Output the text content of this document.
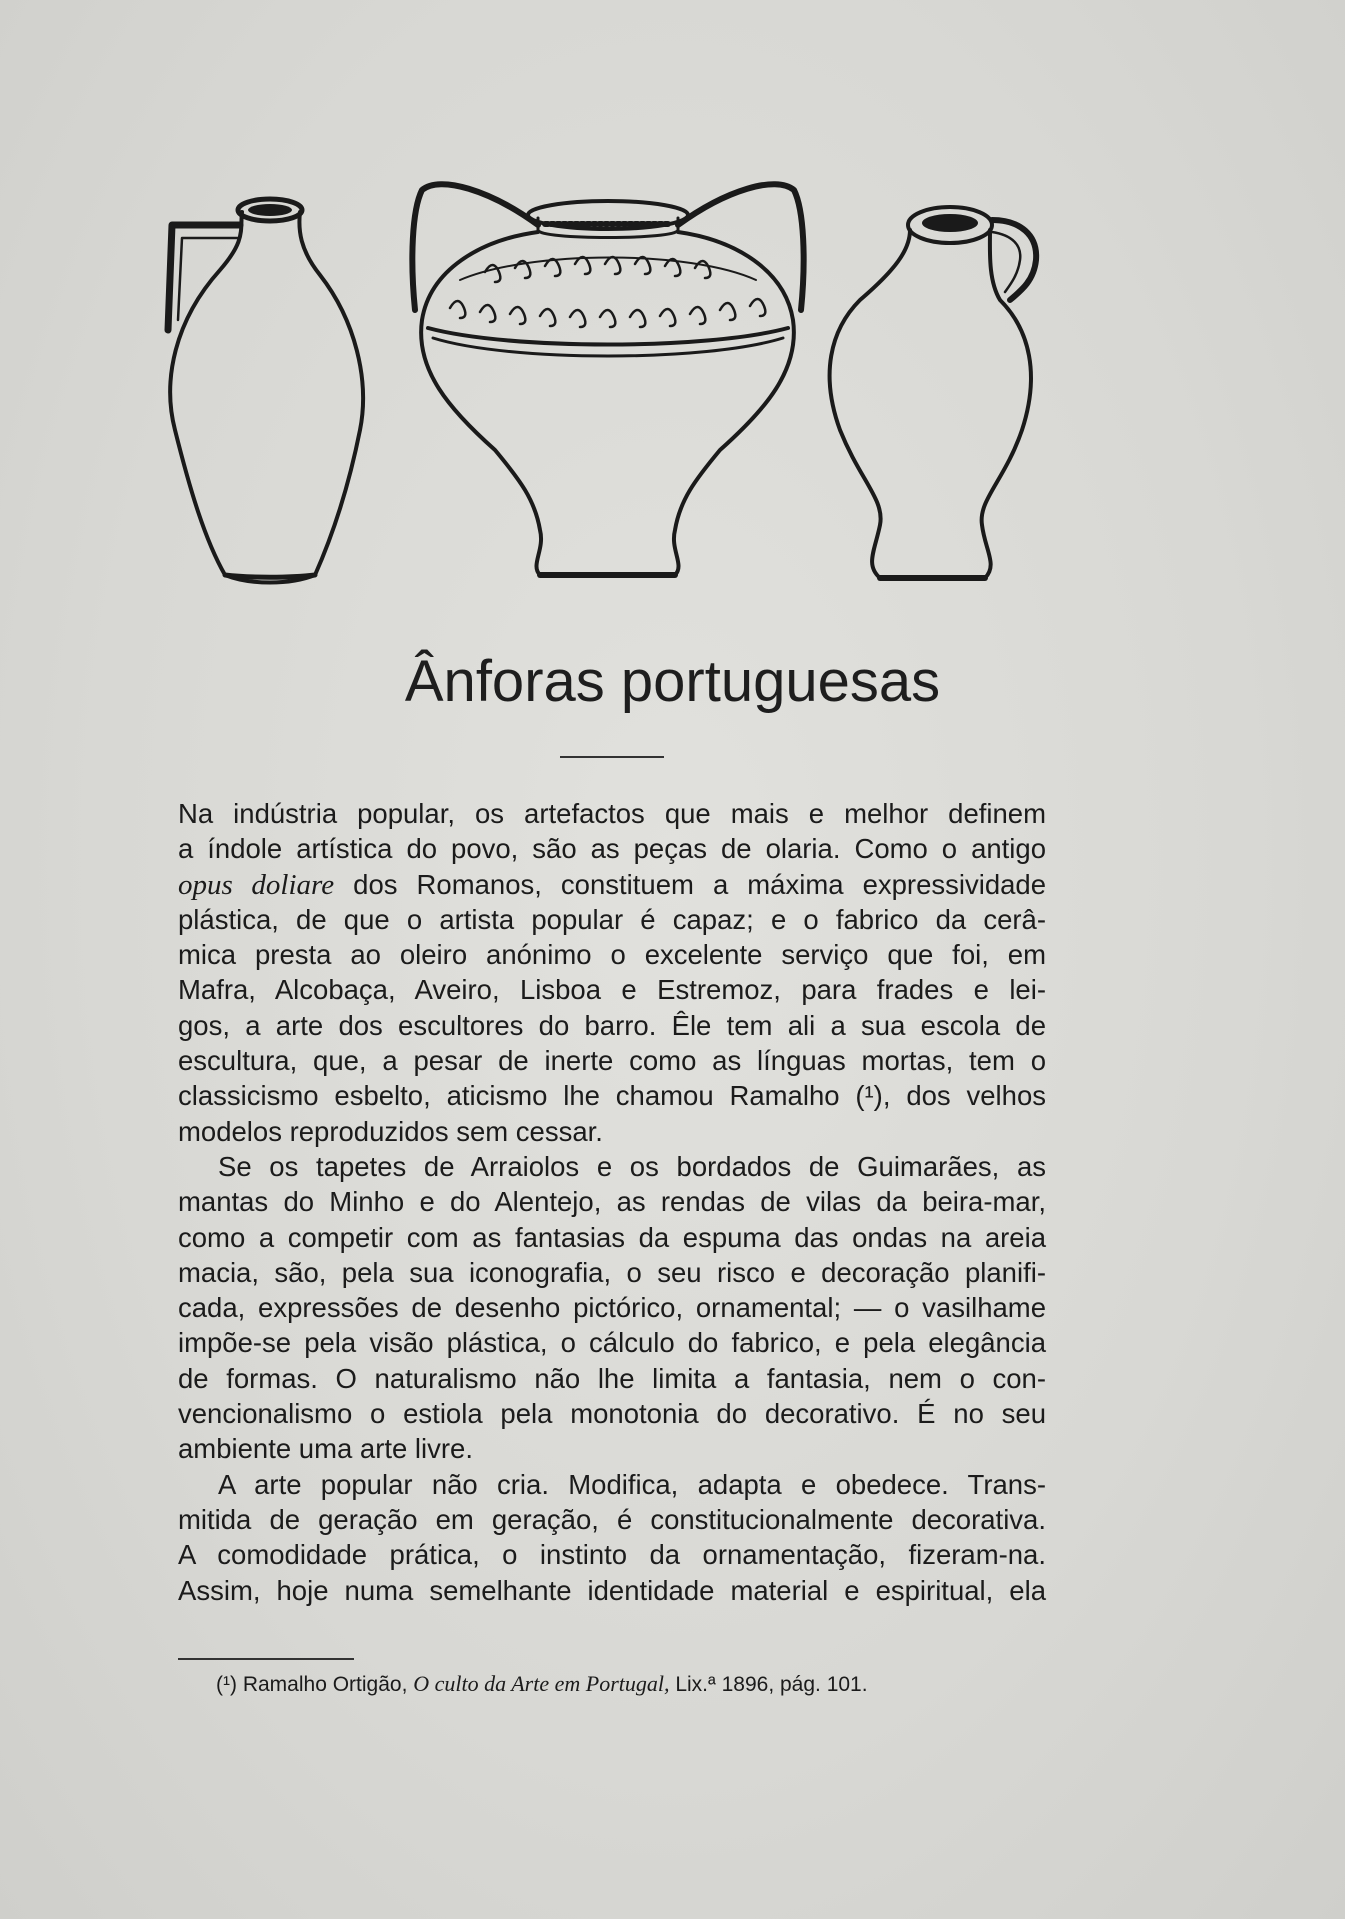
Ânforas portuguesas
Na indústria popular, os artefactos que mais e melhor definem
a índole artística do povo, são as peças de olaria. Como o antigo
opus doliare dos Romanos, constituem a máxima expressividade
plástica, de que o artista popular é capaz; e o fabrico da cerâ-
mica presta ao oleiro anónimo o excelente serviço que foi, em
Mafra, Alcobaça, Aveiro, Lisboa e Estremoz, para frades e lei-
gos, a arte dos escultores do barro. Êle tem ali a sua escola de
escultura, que, a pesar de inerte como as línguas mortas, tem o
classicismo esbelto, aticismo lhe chamou Ramalho (¹), dos velhos
modelos reproduzidos sem cessar.
Se os tapetes de Arraiolos e os bordados de Guimarães, as
mantas do Minho e do Alentejo, as rendas de vilas da beira-mar,
como a competir com as fantasias da espuma das ondas na areia
macia, são, pela sua iconografia, o seu risco e decoração planifi-
cada, expressões de desenho pictórico, ornamental; — o vasilhame
impõe-se pela visão plástica, o cálculo do fabrico, e pela elegância
de formas. O naturalismo não lhe limita a fantasia, nem o con-
vencionalismo o estiola pela monotonia do decorativo. É no seu
ambiente uma arte livre.
A arte popular não cria. Modifica, adapta e obedece. Trans-
mitida de geração em geração, é constitucionalmente decorativa.
A comodidade prática, o instinto da ornamentação, fizeram-na.
Assim, hoje numa semelhante identidade material e espiritual, ela
(¹) Ramalho Ortigão, O culto da Arte em Portugal, Lix.ª 1896, pág. 101.
